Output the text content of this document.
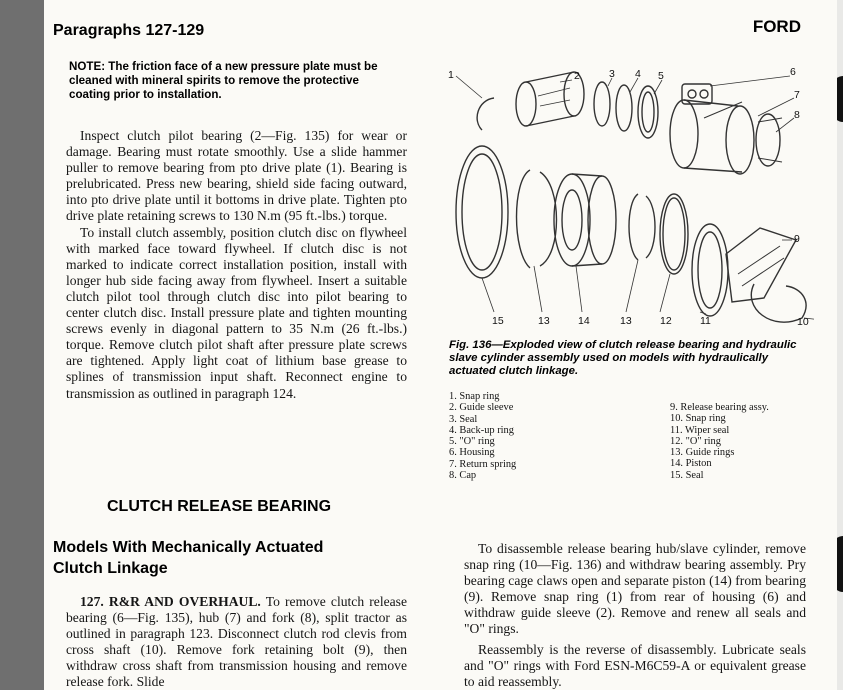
Paragraphs 127-129	FORD
NOTE: The friction face of a new pressure plate must be cleaned with mineral spirits to remove the protective coating prior to installation.

Inspect clutch pilot bearing (2—Fig. 135) for wear or damage. Bearing must rotate smoothly. Use a slide hammer puller to remove bearing from pto drive plate (1). Bearing is prelubricated. Press new bearing, shield side facing outward, into pto drive plate until it bottoms in drive plate. Tighten pto drive plate retaining screws to 130 N.m (95 ft.-lbs.) torque.

To install clutch assembly, position clutch disc on flywheel with marked face toward flywheel. If clutch disc is not marked to indicate correct installation position, install with longer hub side facing away from flywheel. Insert a suitable clutch pilot tool through clutch disc into pilot bearing to center clutch disc. Install pressure plate and tighten mounting screws evenly in diagonal pattern to 35 N.m (26 ft.-lbs.) torque. Remove clutch pilot shaft after pressure plate screws are tightened. Apply light coat of lithium base grease to splines of transmission input shaft. Reconnect engine to transmission as outlined in paragraph 124.

CLUTCH RELEASE BEARING
Models With Mechanically Actuated Clutch Linkage

127. R&R AND OVERHAUL. To remove clutch release bearing (6—Fig. 135), hub (7) and fork (8), split tractor as outlined in paragraph 123. Disconnect clutch rod clevis from cross shaft (10). Remove fork retaining bolt (9), then withdraw cross shaft from transmission housing and remove release fork. Slide

1	2	3 4 5	6
7
8
9
10
11
12
13
14
13
15
Fig. 136—Exploded view of clutch release bearing and hydraulic slave cylinder assembly used on models with hydraulically actuated clutch linkage.
1. Snap ring
2. Guide sleeve
3. Seal
4. Back-up ring
5. "O" ring
6. Housing
7. Return spring
8. Cap
9. Release bearing assy.
10. Snap ring
11. Wiper seal
12. "O" ring
13. Guide rings
14. Piston
15. Seal

To disassemble release bearing hub/slave cylinder, remove snap ring (10—Fig. 136) and withdraw bearing assembly. Pry bearing cage claws open and separate piston (14) from bearing (9). Remove snap ring (1) from rear of housing (6) and withdraw guide sleeve (2). Remove and renew all seals and "O" rings.

Reassembly is the reverse of disassembly. Lubricate seals and "O" rings with Ford ESN-M6C59-A or equivalent grease to aid reassembly.
